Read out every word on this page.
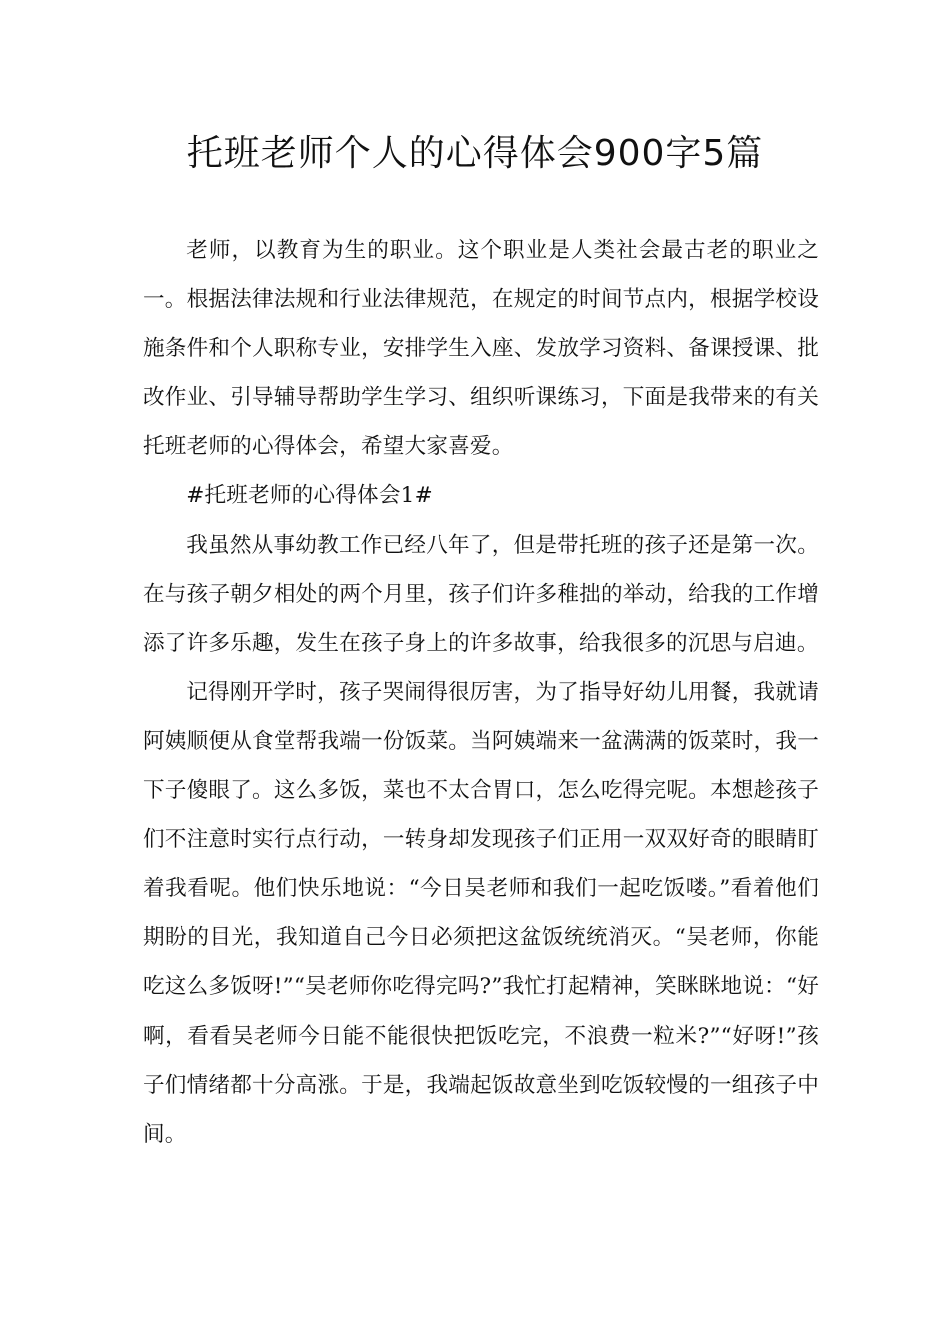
托班老师个人的心得体会900字5篇

老师，以教育为生的职业。这个职业是人类社会最古老的职业之一。根据法律法规和行业法律规范，在规定的时间节点内，根据学校设施条件和个人职称专业，安排学生入座、发放学习资料、备课授课、批改作业、引导辅导帮助学生学习、组织听课练习，下面是我带来的有关托班老师的心得体会，希望大家喜爱。

#托班老师的心得体会1#

我虽然从事幼教工作已经八年了，但是带托班的孩子还是第一次。在与孩子朝夕相处的两个月里，孩子们许多稚拙的举动，给我的工作增添了许多乐趣，发生在孩子身上的许多故事，给我很多的沉思与启迪。

记得刚开学时，孩子哭闹得很厉害，为了指导好幼儿用餐，我就请阿姨顺便从食堂帮我端一份饭菜。当阿姨端来一盆满满的饭菜时，我一下子傻眼了。这么多饭，菜也不太合胃口，怎么吃得完呢。本想趁孩子们不注意时实行点行动，一转身却发现孩子们正用一双双好奇的眼睛盯着我看呢。他们快乐地说：“今日吴老师和我们一起吃饭喽。”看着他们期盼的目光，我知道自己今日必须把这盆饭统统消灭。“吴老师，你能吃这么多饭呀!”“吴老师你吃得完吗?”我忙打起精神，笑眯眯地说：“好啊，看看吴老师今日能不能很快把饭吃完，不浪费一粒米?”“好呀!”孩子们情绪都十分高涨。于是，我端起饭故意坐到吃饭较慢的一组孩子中间。
